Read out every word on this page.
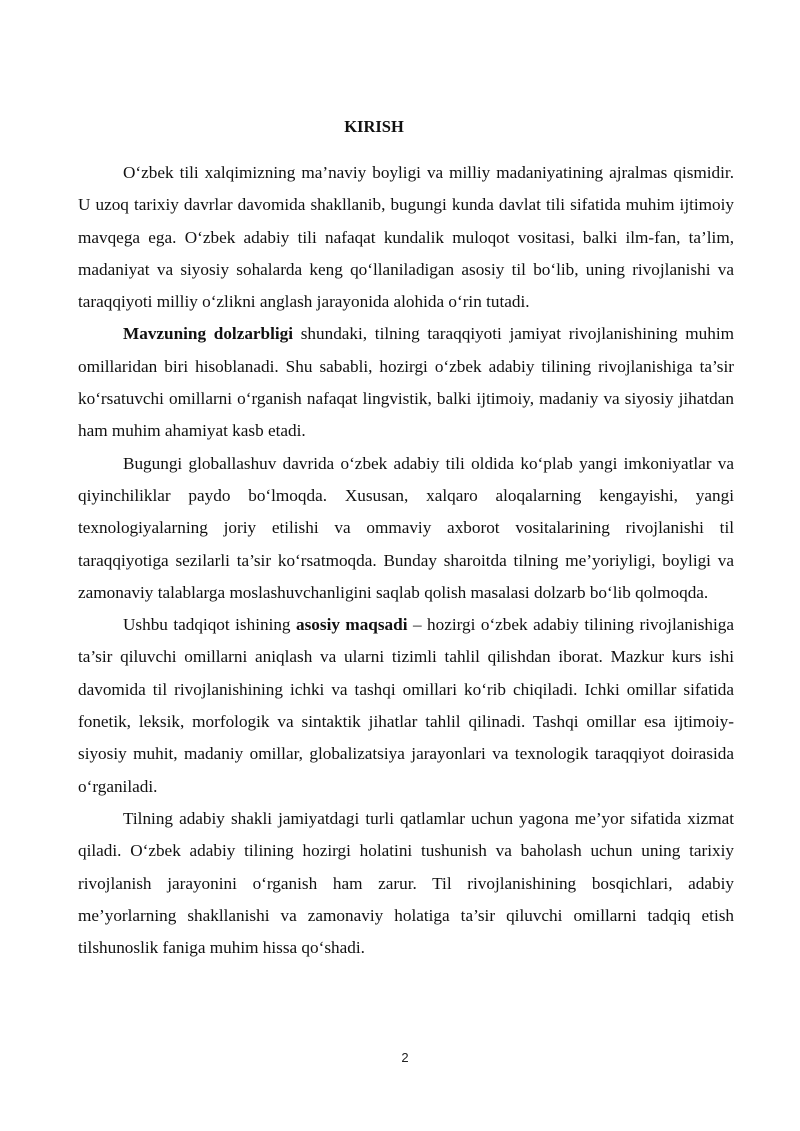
KIRISH

O‘zbek tili xalqimizning ma’naviy boyligi va milliy madaniyatining ajralmas qismidir. U uzoq tarixiy davrlar davomida shakllanib, bugungi kunda davlat tili sifatida muhim ijtimoiy mavqega ega. O‘zbek adabiy tili nafaqat kundalik muloqot vositasi, balki ilm-fan, ta’lim, madaniyat va siyosiy sohalarda keng qo‘llaniladigan asosiy til bo‘lib, uning rivojlanishi va taraqqiyoti milliy o‘zlikni anglash jarayonida alohida o‘rin tutadi.

Mavzuning dolzarbligi shundaki, tilning taraqqiyoti jamiyat rivojlanishining muhim omillaridan biri hisoblanadi. Shu sababli, hozirgi o‘zbek adabiy tilining rivojlanishiga ta’sir ko‘rsatuvchi omillarni o‘rganish nafaqat lingvistik, balki ijtimoiy, madaniy va siyosiy jihatdan ham muhim ahamiyat kasb etadi.

Bugungi globallashuv davrida o‘zbek adabiy tili oldida ko‘plab yangi imkoniyatlar va qiyinchiliklar paydo bo‘lmoqda. Xususan, xalqaro aloqalarning kengayishi, yangi texnologiyalarning joriy etilishi va ommaviy axborot vositalarining rivojlanishi til taraqqiyotiga sezilarli ta’sir ko‘rsatmoqda. Bunday sharoitda tilning me’yoriyligi, boyligi va zamonaviy talablarga moslashuvchanligini saqlab qolish masalasi dolzarb bo‘lib qolmoqda.

Ushbu tadqiqot ishining asosiy maqsadi – hozirgi o‘zbek adabiy tilining rivojlanishiga ta’sir qiluvchi omillarni aniqlash va ularni tizimli tahlil qilishdan iborat. Mazkur kurs ishi davomida til rivojlanishining ichki va tashqi omillari ko‘rib chiqiladi. Ichki omillar sifatida fonetik, leksik, morfologik va sintaktik jihatlar tahlil qilinadi. Tashqi omillar esa ijtimoiy-siyosiy muhit, madaniy omillar, globalizatsiya jarayonlari va texnologik taraqqiyot doirasida o‘rganiladi.

Tilning adabiy shakli jamiyatdagi turli qatlamlar uchun yagona me’yor sifatida xizmat qiladi. O‘zbek adabiy tilining hozirgi holatini tushunish va baholash uchun uning tarixiy rivojlanish jarayonini o‘rganish ham zarur. Til rivojlanishining bosqichlari, adabiy me’yorlarning shakllanishi va zamonaviy holatiga ta’sir qiluvchi omillarni tadqiq etish tilshunoslik faniga muhim hissa qo‘shadi.

2
